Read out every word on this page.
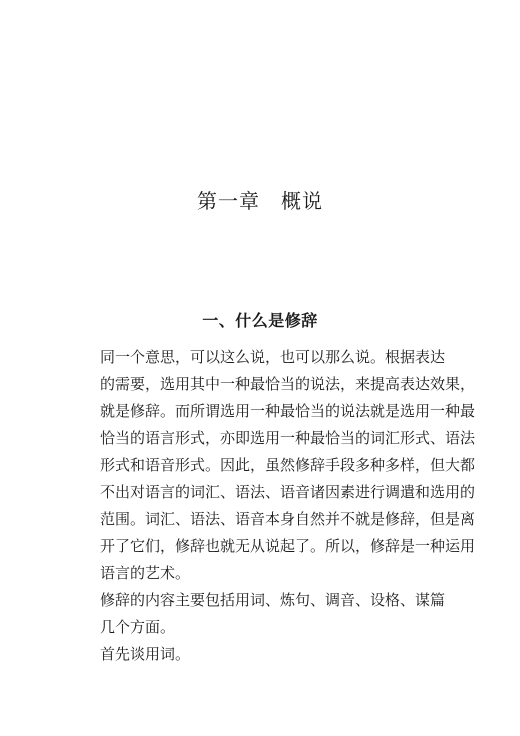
第一章　概说
一、什么是修辞
同一个意思，可以这么说，也可以那么说。根据表达
的需要，选用其中一种最恰当的说法，来提高表达效果，
就是修辞。而所谓选用一种最恰当的说法就是选用一种最
恰当的语言形式，亦即选用一种最恰当的词汇形式、语法
形式和语音形式。因此，虽然修辞手段多种多样，但大都
不出对语言的词汇、语法、语音诸因素进行调遣和选用的
范围。词汇、语法、语音本身自然并不就是修辞，但是离
开了它们，修辞也就无从说起了。所以，修辞是一种运用
语言的艺术。
修辞的内容主要包括用词、炼句、调音、设格、谋篇
几个方面。
首先谈用词。
